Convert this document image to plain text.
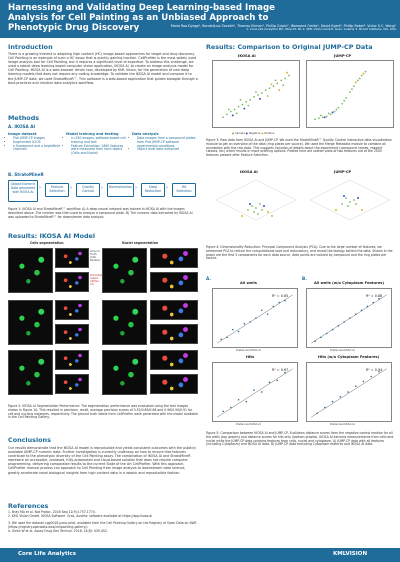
Harnessing and Validating Deep Learning-based Image Analysis for Cell Painting as an Unbiased Approach to Phenotypic Drug Discovery	Maria Roa Dyaga¹, Bondeljuuz Zavakh², Thomas Ekmon², Phillip Culpin², Wamamd Omita², David Egert³, Phillip Rabel⁴, Victor S.C. Wong¹
1. Core Life Analytics BV, Utrecht, NL 2. KML Vision GmbH, Graz, Austria 3. Broad Institute, MA, USA
Introduction
There is a growing interest in adopting high content (HC) image-based approaches for target and drug discovery. Cell Painting is an example of such a HC assay that is quickly gaining traction. CellProfiler is the most widely used image analysis tool for Cell Painting, but it requires a significant level of expertise. To address this challenge, we used a robust deep learning-based computer vision application, IKOSA AI, to create an image analysis model for Cell Painting. IKOSA AI is a web-browser driven tool, developed by KML Vision, for the generation of new deep learning models that does not require any coding knowledge. To validate the IKOSA AI model and compare it to the JUMP-CP data, we used StratoMineR™. This software is a web-based application that guides biologist through a best-practices and intuitive data analytics workflow.
Methods
A. IKOSA AI
Image dataset
• Plot JUMP-CP images
• Augmented U2OS
• a fluorescent and a brightfield channels
Model training and testing
• n=250 images, software-based cell training and test
• Feature Extraction: 2840 features were measured from each object (Cells and Nuclei)
Data analysis
• Data images from a compound plates from Plot JUMP-CP software experimental conditions
• Object level data extracted
B. StratoMineR
Upload Numeric Data generated with IKOSA AI
›	Feature Selection	›	Quality Control	›	Normalization ›	Data Reduction ›	Hit Selection
Figure 1: IKOSA AI and StratoMineR™ workflow. A) A deep neural network was trained in IKOSA AI with the images described above. The number was then used to analyze a compound plate. B) The numeric data extracted by IKOSA AI was uploaded to StratoMineR™ for downstream data analysis.
Results: IKOSA AI Model
Cells segmentation	Nuclei segmentation
Ground Truth (Cell Painter)
Predicted Labels (IKOSA AI)
Figure 2: IKOSA AI Segmentation Performance: The segmentation performance was evaluated using the test images shown in Figure 1A. This resulted in precision, recall, average precision scores of 0.92/0.89/0.86 and 0.96/0.94/0.91 for cell and nucleus instances, respectively. The ground truth labels from CellProfiler were generated with the model available in the Cell Painting Gallery.
Conclusions
Our results demonstrate that the IKOSA AI model is reproducible and yields consistent outcomes with the publicly available JUMP-CP numeric data. Further investigation is currently underway on how to ensure that features contribute to the phenotypic diversity of the Cell Painting assay. The combination of IKOSA AI and StratoMineR represent an accessible, unbiased, fully-automated and cloud-based solution that does not require computer programming, delivering comparable results to the current State of the Art CellProfiler. With this approach, CellProfiler manual process can approach to Cell Painting from image analysis to downstream data science, greatly accelerate novel biological insights from high content data in a robotic and reproducible fashion.
References
1. Bray MA et al. Nat Protoc. 2016 Sep;11(9):1757-1774.
2. KML Vision GmbH. IKOSA Software. Graz, Austria: software available at https://app.ikosa.ai
3. We used the dataset cpg0016-jump-pilot, available from the Cell Painting Gallery on the Registry of Open Data on AWS (https://registry.opendata.aws/cellpainting-gallery/).
4. Omta W et al. Assay Drug Dev Technol. 2016; 14(8): 439-452.
Results: Comparison to Original JUMP-CP Data
IKOSA AI	JUMP-CP
● Sample ● Negative ● Positive
Figure 3: Raw data from IKOSA AI and JUMP-CP. We used the StratoMineR™ Quality Control interactive data visualization module to get an overview of the data (ring plates per source). We used the Merge Metadata module to combine all annotation with the raw data. This supports inclusion of details about the experiment (compound names, reagent classes, etc) which results in more profiling options. Plotted here are scatter plots of two features out of the 2000 features present after Feature Selection.
IKOSA AI	JUMP-CP
Figure 4: Dimensionality Reduction: Principal Component Analysis (PCA). Due to the large number of features, we performed PCA to reduce the computational load and redundancy, and reveal the biology behind the data. Shown in the graph are the first 3 components for each data source, data points are colored by compound and the ring plates per source.
A.	B.
All wells	All wells (w/o Cytoplasm Features)
R² = 0.65	R² = 0.88
Distances IKOSA AI	Distances IKOSA AI
Hits	Hits (w/o Cytoplasm Features)
R² = 0.67	R² = 0.94
Distances IKOSA AI	Distances IKOSA AI
Figure 5: Comparison between IKOSA AI and JUMP-CP. Euclidean distance scores from the negative control median for all the wells (top graphs) and distance scores for hits only (bottom graphs). IKOSA AI extracts measurements from cells and nuclei while the JUMP-CP data contains features from cells, nuclei and cytoplasm. A) JUMP-CP data with all features (including Cytoplasm) and IKOSA AI data. B) JUMP-CP data excluding Cytoplasm features and IKOSA AI data.
Core Life Analytics	KMLVISION
